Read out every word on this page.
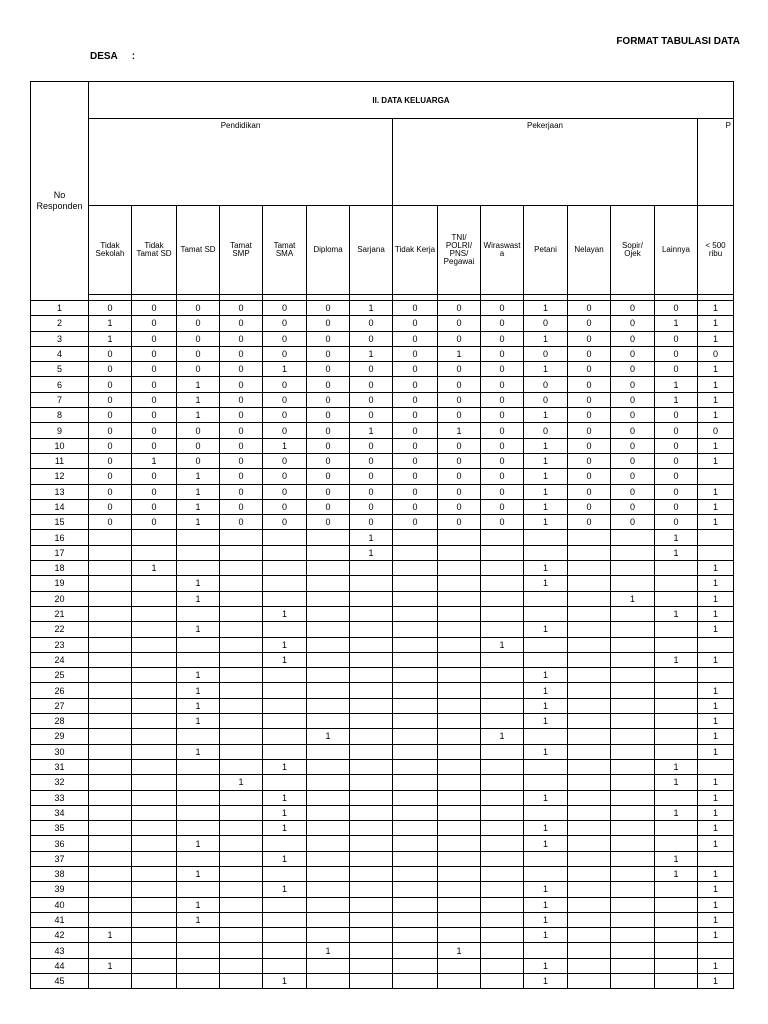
FORMAT TABULASI DATA
DESA :
No
Responden	II. DATA KELUARGA														
	Pendidikan							Pekerjaan							P
	Tidak
Sekolah	Tidak
Tamat SD	Tamat SD	Tamat
SMP	Tamat
SMA	Diploma	Sarjana	Tidak Kerja	TNI/
POLRI/
PNS/
Pegawai	Wiraswast
a	Petani	Nelayan	Sopir/
Ojek	Lainnya	< 500 ribu

1	0	0	0	0	0	0	1	0	0	0	1	0	0	0	1
2	1	0	0	0	0	0	0	0	0	0	0	0	0	1	1
3	1	0	0	0	0	0	0	0	0	0	1	0	0	0	1
4	0	0	0	0	0	0	1	0	1	0	0	0	0	0	0
5	0	0	0	0	1	0	0	0	0	0	1	0	0	0	1
6	0	0	1	0	0	0	0	0	0	0	0	0	0	1	1
7	0	0	1	0	0	0	0	0	0	0	0	0	0	1	1
8	0	0	1	0	0	0	0	0	0	0	1	0	0	0	1
9	0	0	0	0	0	0	1	0	1	0	0	0	0	0	0
10	0	0	0	0	1	0	0	0	0	0	1	0	0	0	1
11	0	1	0	0	0	0	0	0	0	0	1	0	0	0	1
12	0	0	1	0	0	0	0	0	0	0	1	0	0	0	
13	0	0	1	0	0	0	0	0	0	0	1	0	0	0	1
14	0	0	1	0	0	0	0	0	0	0	1	0	0	0	1
15	0	0	1	0	0	0	0	0	0	0	1	0	0	0	1
16							1							1	
17							1							1	
18		1									1				1
19			1								1				1
20			1										1		1
21					1									1	1
22			1								1				1
23					1					1					
24					1									1	1
25			1								1				
26			1								1				1
27			1								1				1
28			1								1				1
29						1				1					1
30			1								1				1
31					1									1	
32				1										1	1
33					1						1				1
34					1									1	1
35					1						1				1
36			1								1				1
37					1									1	
38			1											1	1
39					1						1				1
40			1								1				1
41			1								1				1
42	1										1				1
43						1			1						
44	1										1				1
45					1						1				1
